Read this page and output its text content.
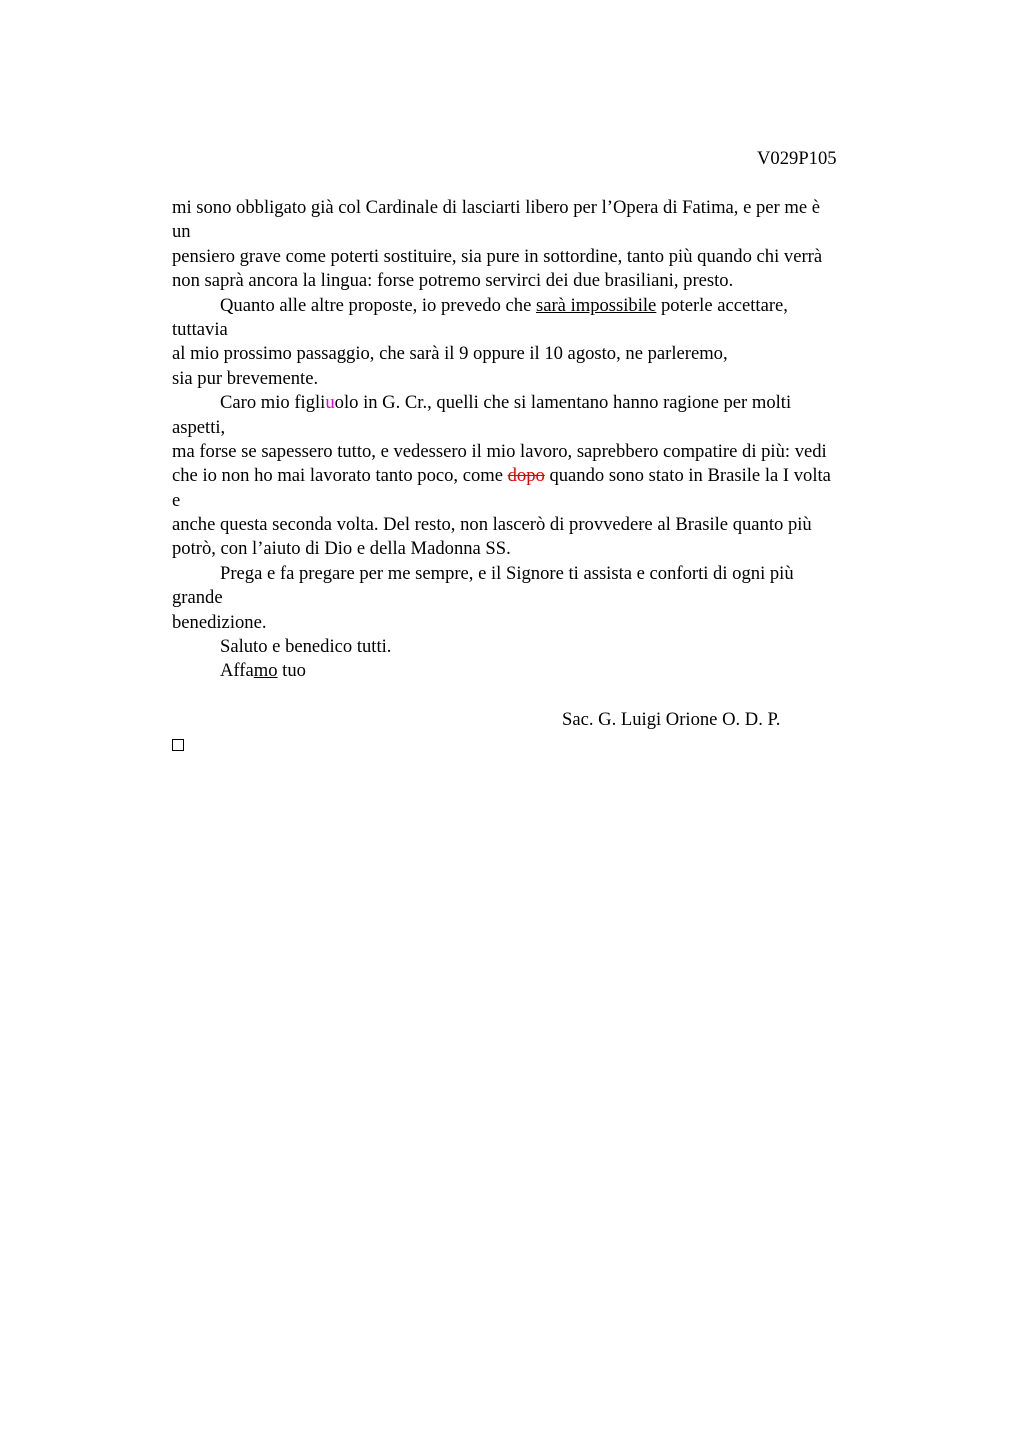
V029P105
mi sono obbligato già col Cardinale di lasciarti libero per l’Opera di Fatima, e per me è
un
pensiero grave come poterti sostituire, sia pure in sottordine, tanto più quando chi verrà
non saprà ancora la lingua: forse potremo servirci dei due brasiliani, presto.
Quanto alle altre proposte, io prevedo che sarà impossibile poterle accettare,
tuttavia
al mio prossimo passaggio, che sarà il 9 oppure il 10 agosto, ne parleremo,
sia pur brevemente.
Caro mio figliuolo in G. Cr., quelli che si lamentano hanno ragione per molti
aspetti,
ma forse se sapessero tutto, e vedessero il mio lavoro, saprebbero compatire di più: vedi
che io non ho mai lavorato tanto poco, come dopo quando sono stato in Brasile la I volta
e
anche questa seconda volta. Del resto, non lascerò di provvedere al Brasile quanto più
potrò, con l’aiuto di Dio e della Madonna SS.
Prega e fa pregare per me sempre, e il Signore ti assista e conforti di ogni più
grande
benedizione.
Saluto e benedico tutti.
Affamo tuo
Sac. G. Luigi Orione O. D. P.
